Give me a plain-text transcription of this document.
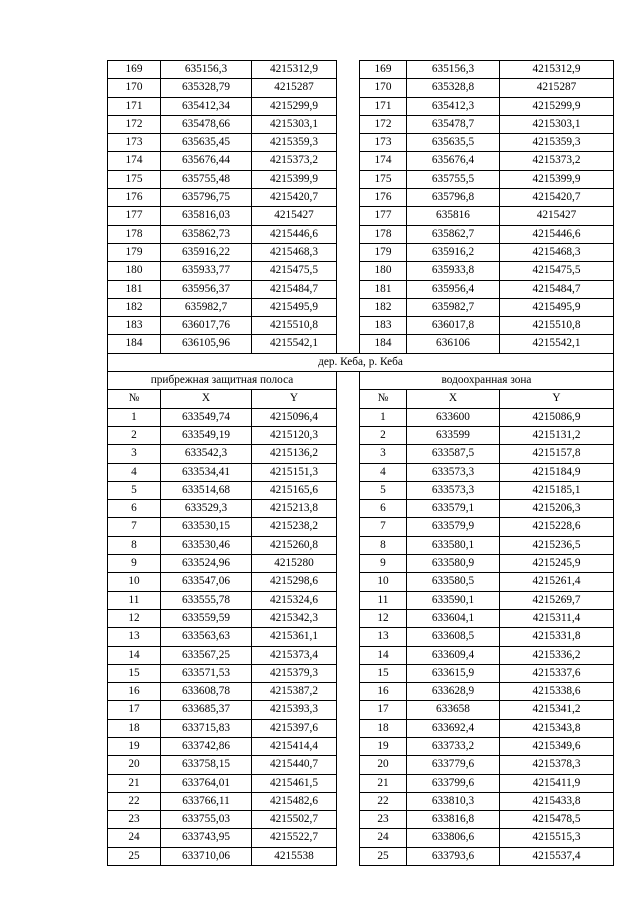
169	635156,3	4215312,9		169	635156,3	4215312,9
170	635328,79	4215287		170	635328,8	4215287
171	635412,34	4215299,9		171	635412,3	4215299,9
172	635478,66	4215303,1		172	635478,7	4215303,1
173	635635,45	4215359,3		173	635635,5	4215359,3
174	635676,44	4215373,2		174	635676,4	4215373,2
175	635755,48	4215399,9		175	635755,5	4215399,9
176	635796,75	4215420,7		176	635796,8	4215420,7
177	635816,03	4215427		177	635816	4215427
178	635862,73	4215446,6		178	635862,7	4215446,6
179	635916,22	4215468,3		179	635916,2	4215468,3
180	635933,77	4215475,5		180	635933,8	4215475,5
181	635956,37	4215484,7		181	635956,4	4215484,7
182	635982,7	4215495,9		182	635982,7	4215495,9
183	636017,76	4215510,8		183	636017,8	4215510,8
184	636105,96	4215542,1		184	636106	4215542,1
дер. Кеба, р. Кеба						
прибрежная защитная полоса				водоохранная зона		
№	X	Y		№	X	Y
1	633549,74	4215096,4		1	633600	4215086,9
2	633549,19	4215120,3		2	633599	4215131,2
3	633542,3	4215136,2		3	633587,5	4215157,8
4	633534,41	4215151,3		4	633573,3	4215184,9
5	633514,68	4215165,6		5	633573,3	4215185,1
6	633529,3	4215213,8		6	633579,1	4215206,3
7	633530,15	4215238,2		7	633579,9	4215228,6
8	633530,46	4215260,8		8	633580,1	4215236,5
9	633524,96	4215280		9	633580,9	4215245,9
10	633547,06	4215298,6		10	633580,5	4215261,4
11	633555,78	4215324,6		11	633590,1	4215269,7
12	633559,59	4215342,3		12	633604,1	4215311,4
13	633563,63	4215361,1		13	633608,5	4215331,8
14	633567,25	4215373,4		14	633609,4	4215336,2
15	633571,53	4215379,3		15	633615,9	4215337,6
16	633608,78	4215387,2		16	633628,9	4215338,6
17	633685,37	4215393,3		17	633658	4215341,2
18	633715,83	4215397,6		18	633692,4	4215343,8
19	633742,86	4215414,4		19	633733,2	4215349,6
20	633758,15	4215440,7		20	633779,6	4215378,3
21	633764,01	4215461,5		21	633799,6	4215411,9
22	633766,11	4215482,6		22	633810,3	4215433,8
23	633755,03	4215502,7		23	633816,8	4215478,5
24	633743,95	4215522,7		24	633806,6	4215515,3
25	633710,06	4215538		25	633793,6	4215537,4
